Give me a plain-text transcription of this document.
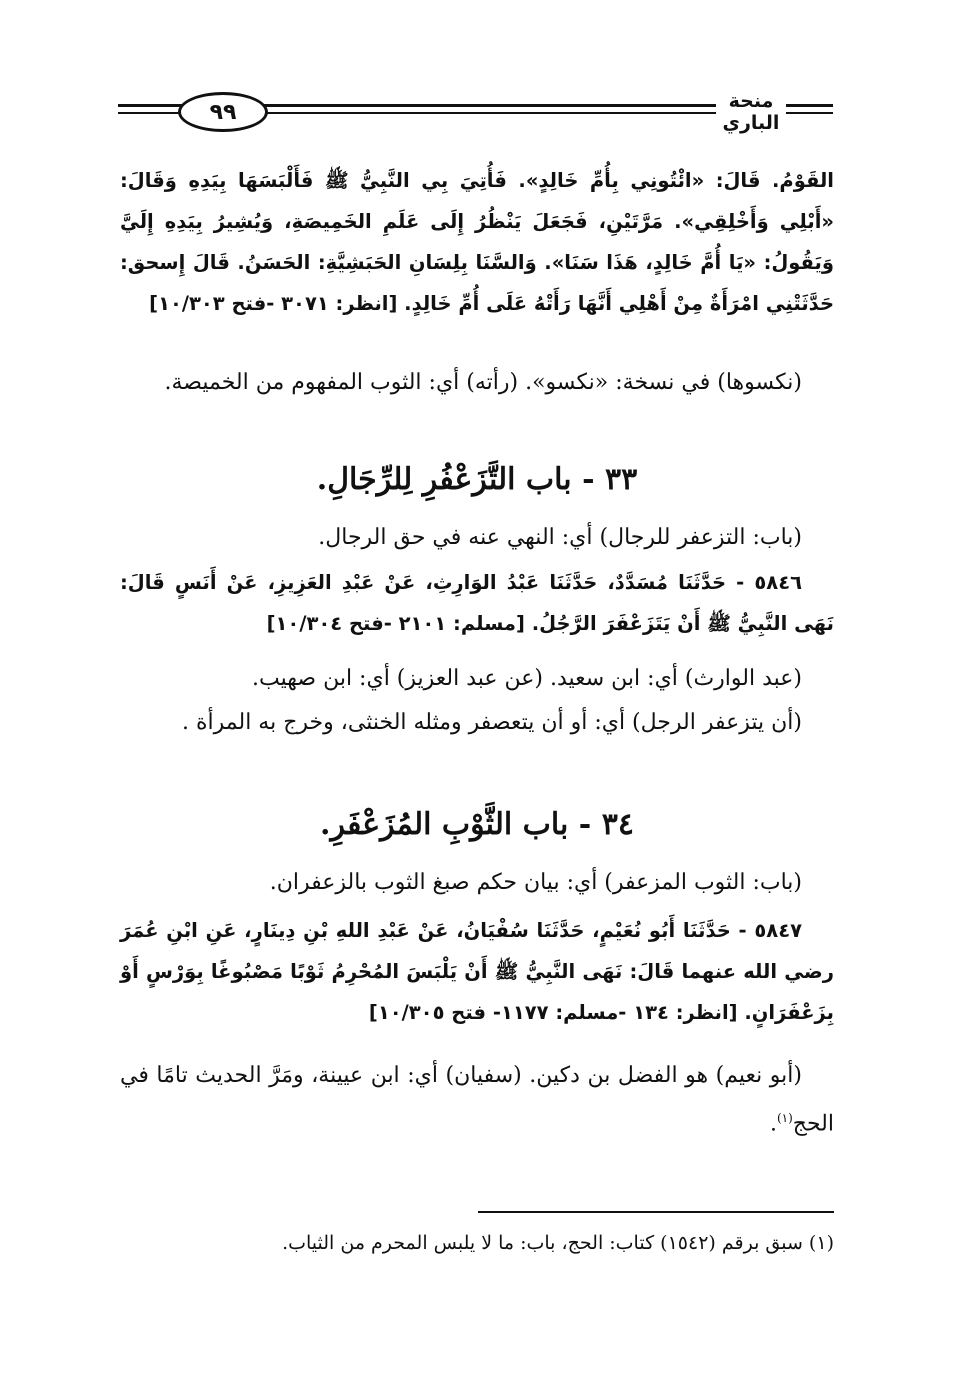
٩٩	منحة الباري
القَوْمُ. قَالَ: «ائْتُونِي بِأُمِّ خَالِدٍ». فَأُتِيَ بِي النَّبِيُّ ﷺ فَأَلْبَسَهَا بِيَدِهِ وَقَالَ: «أَبْلِي وَأَخْلِقِي». مَرَّتَيْنِ، فَجَعَلَ يَنْظُرُ إِلَى عَلَمِ الخَمِيصَةِ، وَيُشِيرُ بِيَدِهِ إِلَيَّ وَيَقُولُ: «يَا أُمَّ خَالِدٍ، هَذَا سَنَا». وَالسَّنَا بِلِسَانِ الحَبَشِيَّةِ: الحَسَنُ. قَالَ إِسحق: حَدَّثَتْنِي امْرَأَةٌ مِنْ أَهْلِي أَنَّهَا رَأَتْهُ عَلَى أُمِّ خَالِدٍ. [انظر: ٣٠٧١ -فتح ١٠/٣٠٣]
(نكسوها) في نسخة: «نكسو». (رأته) أي: الثوب المفهوم من الخميصة.
٣٣ - باب التَّزَعْفُرِ لِلرِّجَالِ.
(باب: التزعفر للرجال) أي: النهي عنه في حق الرجال.
٥٨٤٦ - حَدَّثَنَا مُسَدَّدٌ، حَدَّثَنَا عَبْدُ الوَارِثِ، عَنْ عَبْدِ العَزِيزِ، عَنْ أَنَسٍ قَالَ: نَهَى النَّبِيُّ ﷺ أَنْ يَتَزَعْفَرَ الرَّجُلُ. [مسلم: ٢١٠١ -فتح ١٠/٣٠٤]
(عبد الوارث) أي: ابن سعيد. (عن عبد العزيز) أي: ابن صهيب.
(أن يتزعفر الرجل) أي: أو أن يتعصفر ومثله الخنثى، وخرج به المرأة .
٣٤ - باب الثَّوْبِ المُزَعْفَرِ.
(باب: الثوب المزعفر) أي: بيان حكم صبغ الثوب بالزعفران.
٥٨٤٧ - حَدَّثَنَا أَبُو نُعَيْمٍ، حَدَّثَنَا سُفْيَانُ، عَنْ عَبْدِ اللهِ بْنِ دِينَارٍ، عَنِ ابْنِ عُمَرَ رضي الله عنهما قَالَ: نَهَى النَّبِيُّ ﷺ أَنْ يَلْبَسَ المُحْرِمُ ثَوْبًا مَصْبُوغًا بِوَرْسٍ أَوْ بِزَعْفَرَانٍ. [انظر: ١٣٤ -مسلم: ١١٧٧- فتح ١٠/٣٠٥]
(أبو نعيم) هو الفضل بن دكين. (سفيان) أي: ابن عيينة، ومَرَّ الحديث تامًا في الحج$^{(١)}$.
(١) سبق برقم (١٥٤٢) كتاب: الحج، باب: ما لا يلبس المحرم من الثياب.
